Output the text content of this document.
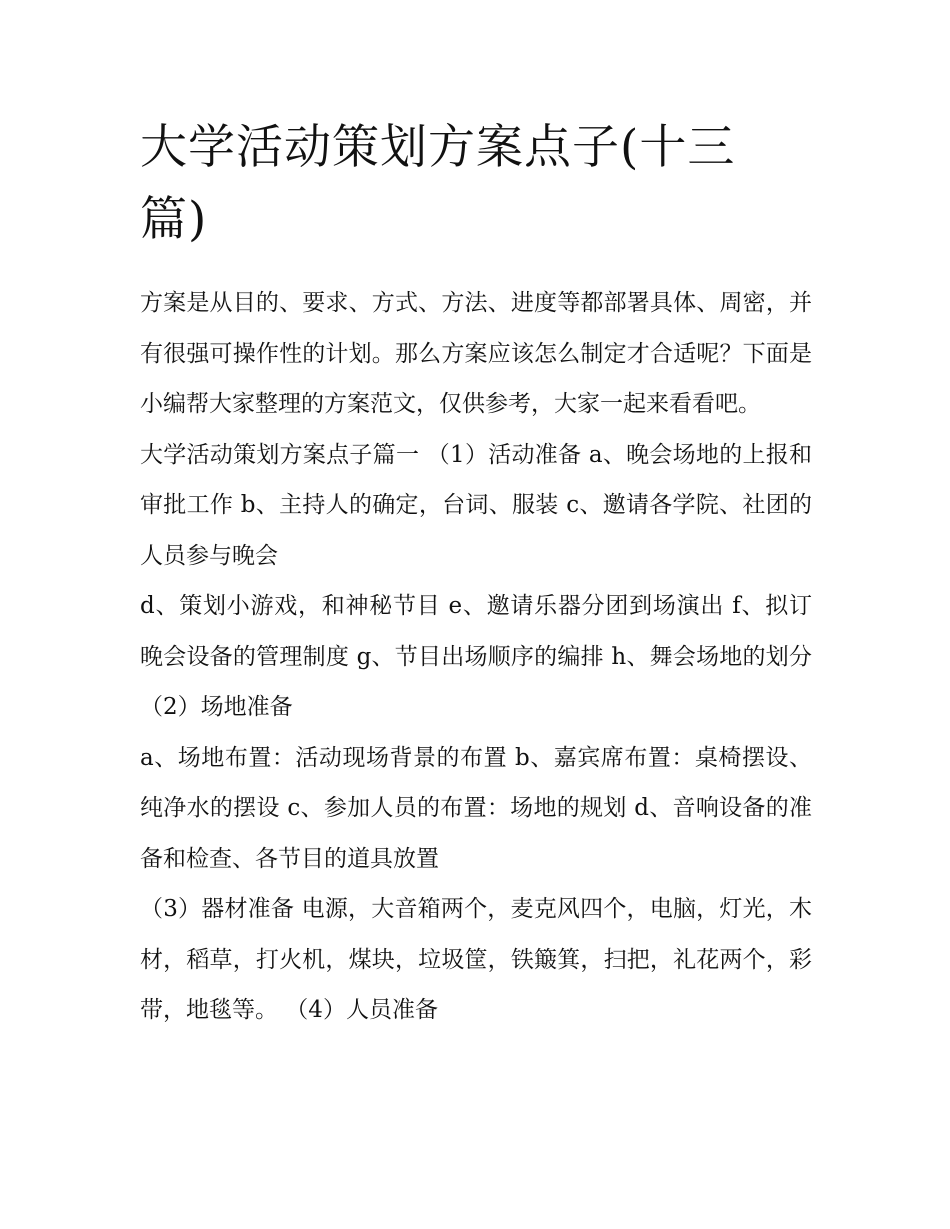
大学活动策划方案点子(十三篇)

方案是从目的、要求、方式、方法、进度等都部署具体、周密，并有很强可操作性的计划。那么方案应该怎么制定才合适呢？下面是小编帮大家整理的方案范文，仅供参考，大家一起来看看吧。

大学活动策划方案点子篇一 （1）活动准备 a、晚会场地的上报和审批工作 b、主持人的确定，台词、服装 c、邀请各学院、社团的人员参与晚会

d、策划小游戏，和神秘节目 e、邀请乐器分团到场演出 f、拟订晚会设备的管理制度 g、节目出场顺序的编排 h、舞会场地的划分 （2）场地准备

a、场地布置：活动现场背景的布置 b、嘉宾席布置：桌椅摆设、纯净水的摆设 c、参加人员的布置：场地的规划 d、音响设备的准备和检查、各节目的道具放置

（3）器材准备 电源，大音箱两个，麦克风四个，电脑，灯光，木材，稻草，打火机，煤块，垃圾筐，铁簸箕，扫把，礼花两个，彩带，地毯等。 （4）人员准备
